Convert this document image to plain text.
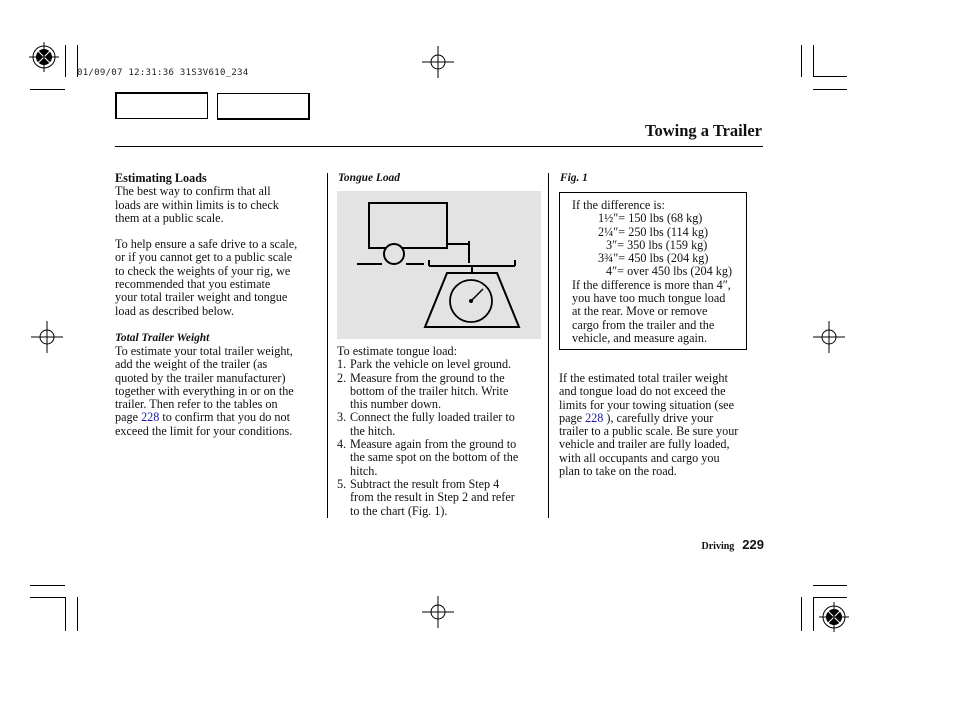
01/09/07 12:31:36 31S3V610_234
Towing a Trailer
Estimating Loads
The best way to confirm that all
loads are within limits is to check
them at a public scale.
To help ensure a safe drive to a scale,
or if you cannot get to a public scale
to check the weights of your rig, we
recommended that you estimate
your total trailer weight and tongue
load as described below.
Total Trailer Weight
To estimate your total trailer weight,
add the weight of the trailer (as
quoted by the trailer manufacturer)
together with everything in or on the
trailer. Then refer to the tables on
page 228 to confirm that you do not
exceed the limit for your conditions.
Tongue Load
To estimate tongue load:
1. Park the vehicle on level ground.
2. Measure from the ground to the
bottom of the trailer hitch. Write
this number down.
3. Connect the fully loaded trailer to
the hitch.
4. Measure again from the ground to
the same spot on the bottom of the
hitch.
5. Subtract the result from Step 4
from the result in Step 2 and refer
to the chart (Fig. 1).
Fig. 1
If the difference is:
1½″= 150 lbs (68 kg)
2¼″= 250 lbs (114 kg)
3″= 350 lbs (159 kg)
3¾″= 450 lbs (204 kg)
4″= over 450 lbs (204 kg)
If the difference is more than 4″,
you have too much tongue load
at the rear. Move or remove
cargo from the trailer and the
vehicle, and measure again.
If the estimated total trailer weight
and tongue load do not exceed the
limits for your towing situation (see
page 228 ), carefully drive your
trailer to a public scale. Be sure your
vehicle and trailer are fully loaded,
with all occupants and cargo you
plan to take on the road.
Driving 229
